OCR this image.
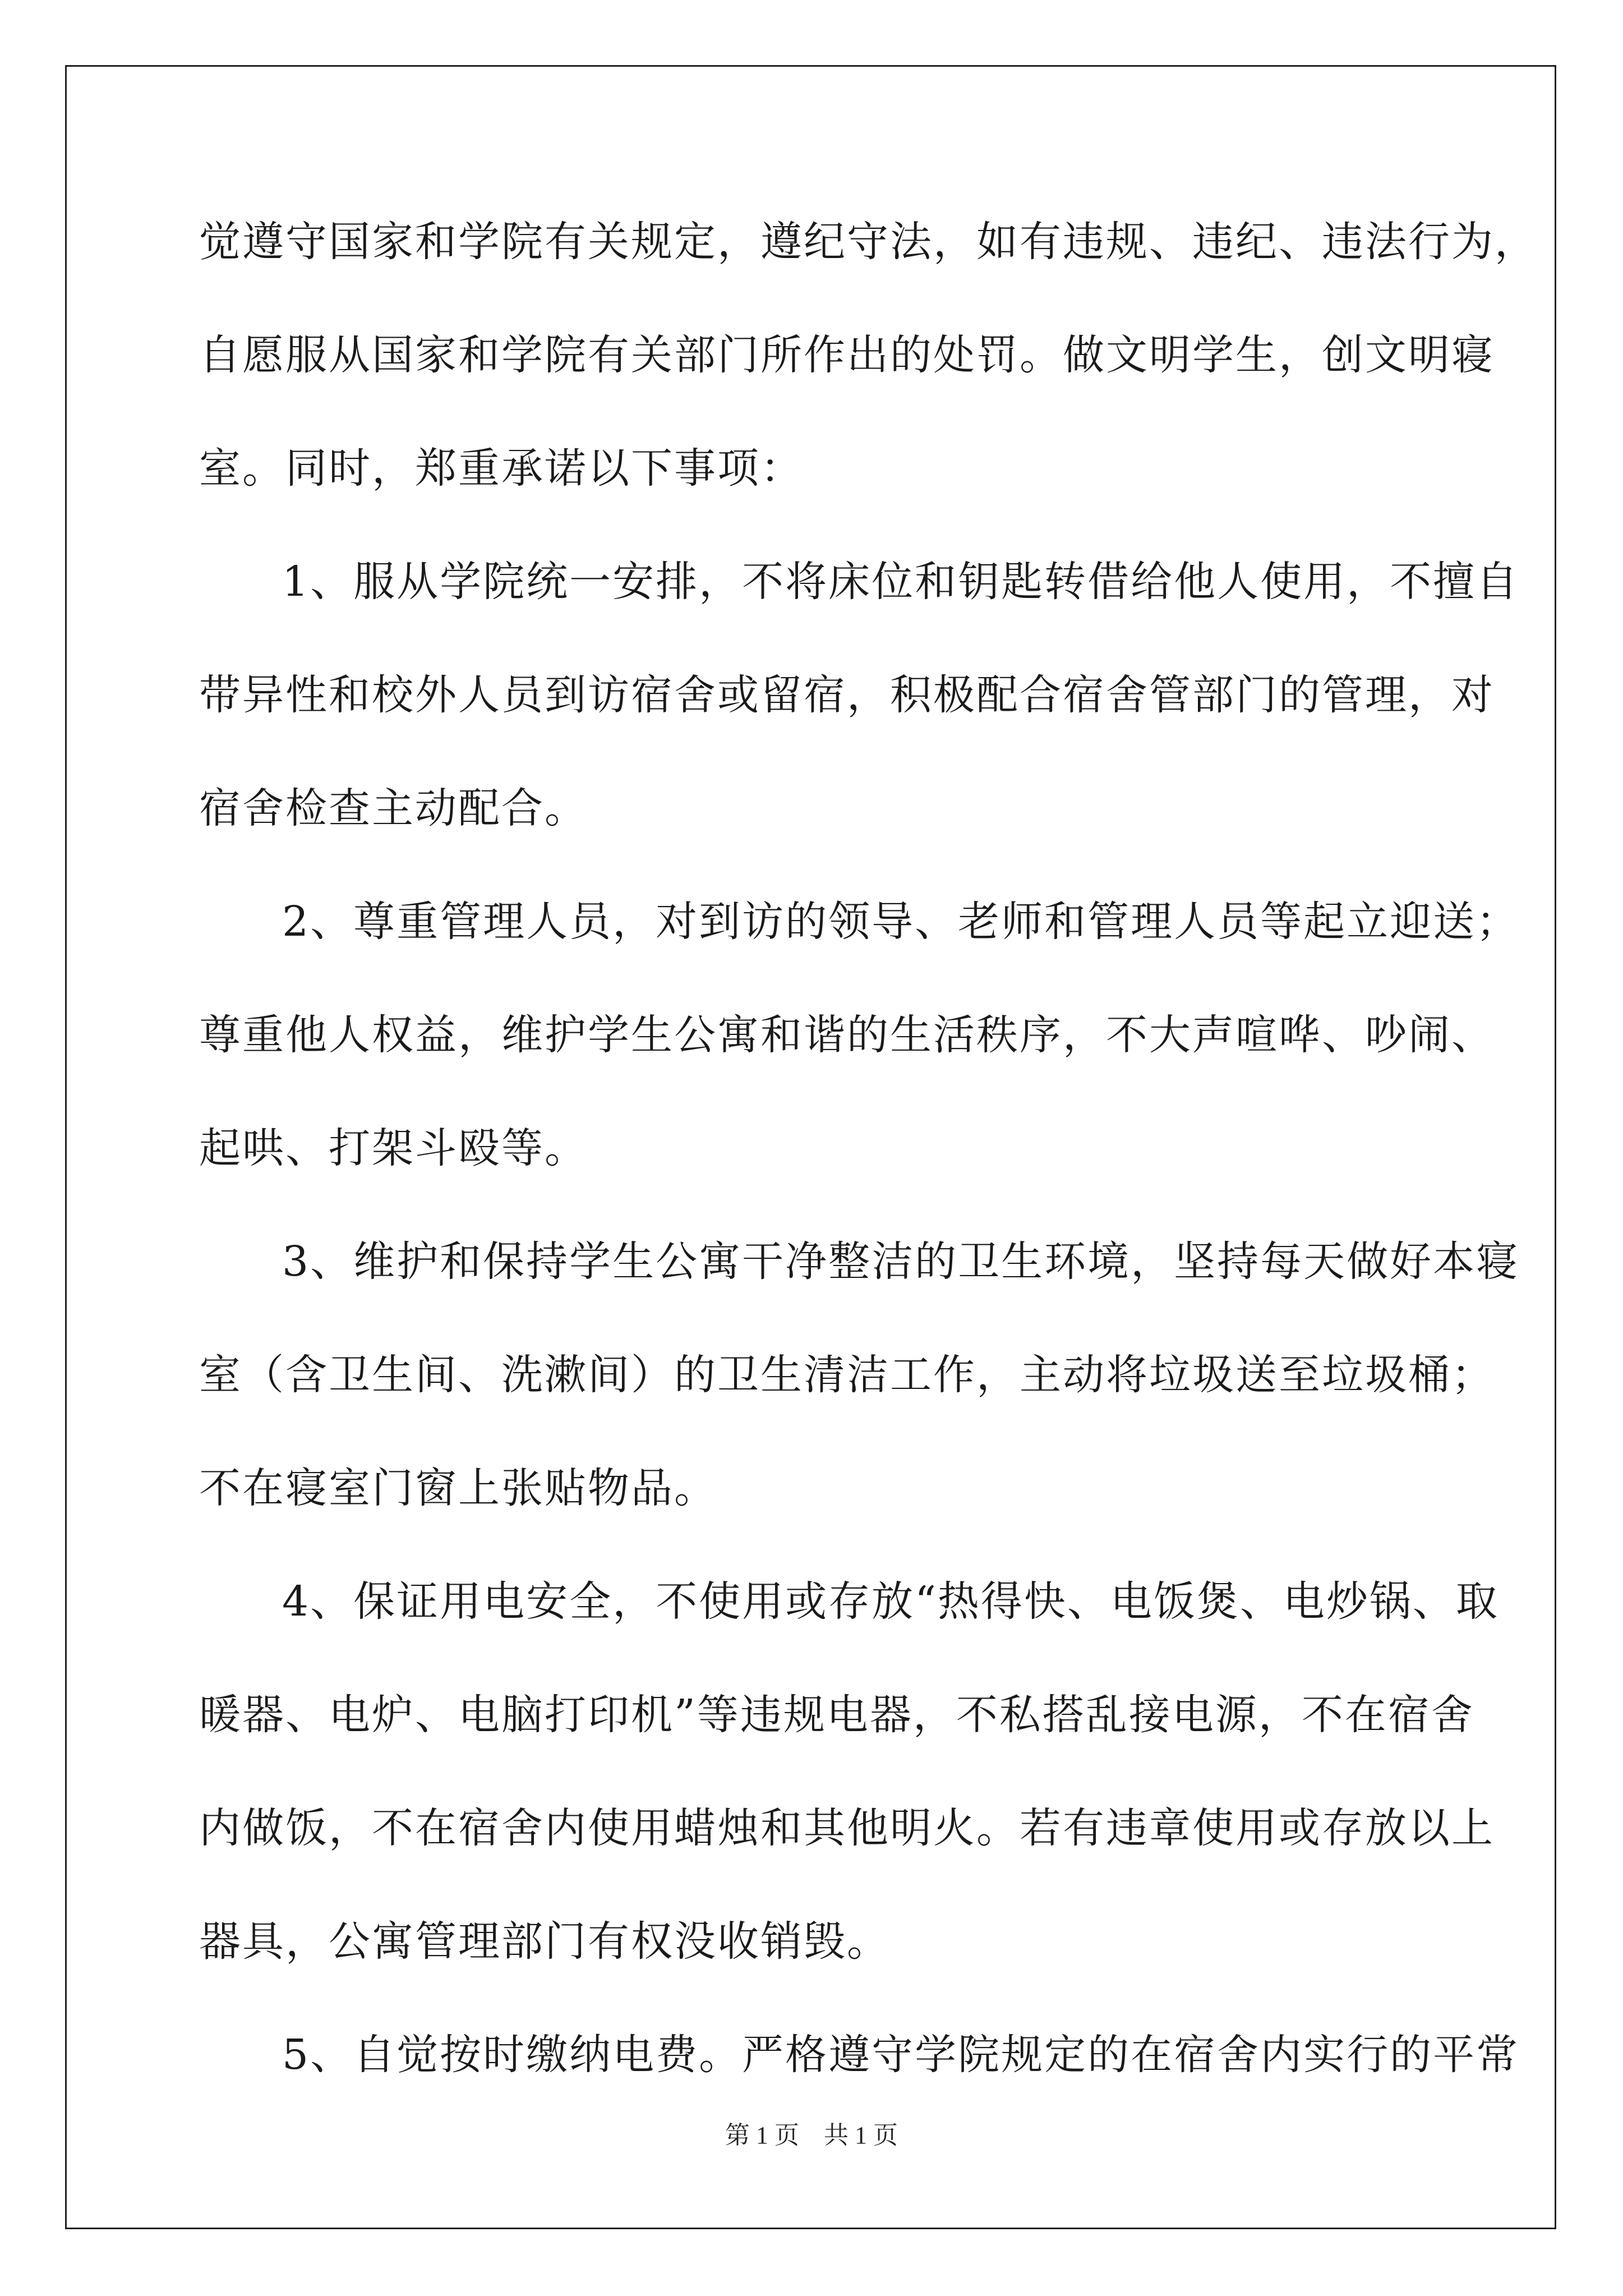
觉遵守国家和学院有关规定，遵纪守法，如有违规、违纪、违法行为，
自愿服从国家和学院有关部门所作出的处罚。做文明学生，创文明寝
室。同时，郑重承诺以下事项：
1、服从学院统一安排，不将床位和钥匙转借给他人使用，不擅自
带异性和校外人员到访宿舍或留宿，积极配合宿舍管部门的管理，对
宿舍检查主动配合。
2、尊重管理人员，对到访的领导、老师和管理人员等起立迎送；
尊重他人权益，维护学生公寓和谐的生活秩序，不大声喧哗、吵闹、
起哄、打架斗殴等。
3、维护和保持学生公寓干净整洁的卫生环境，坚持每天做好本寝
室（含卫生间、洗漱间）的卫生清洁工作，主动将垃圾送至垃圾桶；
不在寝室门窗上张贴物品。
4、保证用电安全，不使用或存放“热得快、电饭煲、电炒锅、取
暖器、电炉、电脑打印机”等违规电器，不私搭乱接电源，不在宿舍
内做饭，不在宿舍内使用蜡烛和其他明火。若有违章使用或存放以上
器具，公寓管理部门有权没收销毁。
5、自觉按时缴纳电费。严格遵守学院规定的在宿舍内实行的平常
第 1 页    共 1 页
